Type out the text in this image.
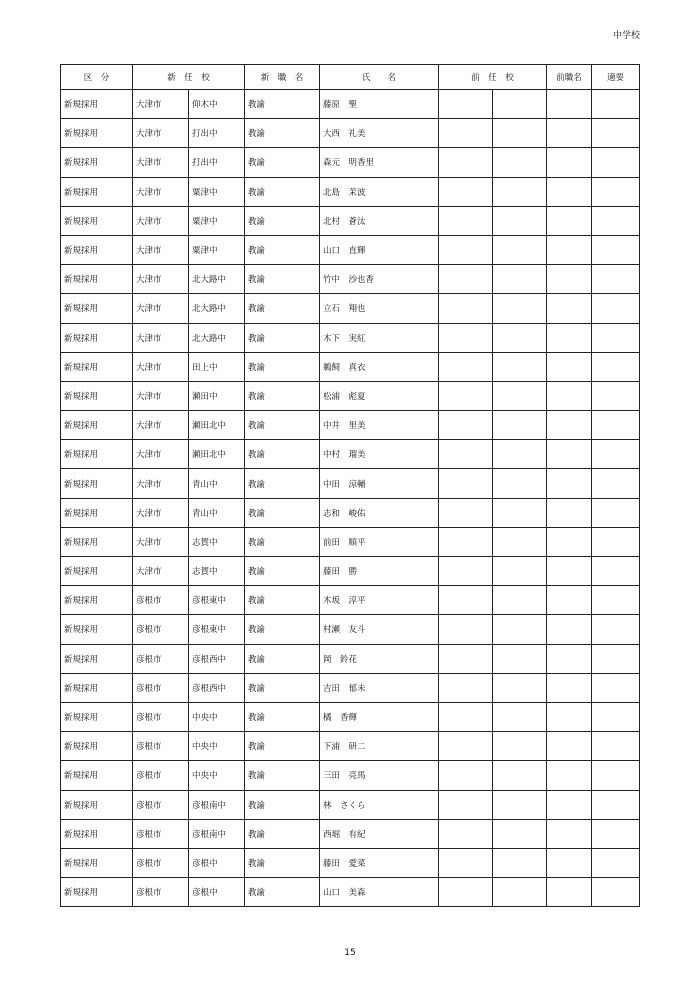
中学校
区　分	新　任　校		新　職　名	氏　　名	前　任　校		前職名	適要
新規採用	大津市	仰木中	教諭	藤原　聖				
新規採用	大津市	打出中	教諭	大西　礼美				
新規採用	大津市	打出中	教諭	森元　明香里				
新規採用	大津市	粟津中	教諭	北島　茉波				
新規採用	大津市	粟津中	教諭	北村　蒼汰				
新規採用	大津市	粟津中	教諭	山口　直輝				
新規採用	大津市	北大路中	教諭	竹中　沙也香				
新規採用	大津市	北大路中	教諭	立石　翔也				
新規採用	大津市	北大路中	教諭	木下　実紅				
新規採用	大津市	田上中	教諭	鵜飼　真衣				
新規採用	大津市	瀬田中	教諭	松浦　彪夏				
新規採用	大津市	瀬田北中	教諭	中井　里美				
新規採用	大津市	瀬田北中	教諭	中村　瑠美				
新規採用	大津市	青山中	教諭	中田　涼輔				
新規採用	大津市	青山中	教諭	志和　峻佑				
新規採用	大津市	志賀中	教諭	前田　順平				
新規採用	大津市	志賀中	教諭	藤田　勝				
新規採用	彦根市	彦根東中	教諭	木坂　淳平				
新規採用	彦根市	彦根東中	教諭	村瀬　友斗				
新規採用	彦根市	彦根西中	教諭	岡　鈴花				
新規採用	彦根市	彦根西中	教諭	吉田　郁未				
新規採用	彦根市	中央中	教諭	橘　香輝				
新規採用	彦根市	中央中	教諭	下浦　研二				
新規採用	彦根市	中央中	教諭	三田　亮馬				
新規採用	彦根市	彦根南中	教諭	林　さくら				
新規採用	彦根市	彦根南中	教諭	西堀　有紀				
新規採用	彦根市	彦根中	教諭	藤田　愛菜				
新規採用	彦根市	彦根中	教諭	山口　美森				
15
